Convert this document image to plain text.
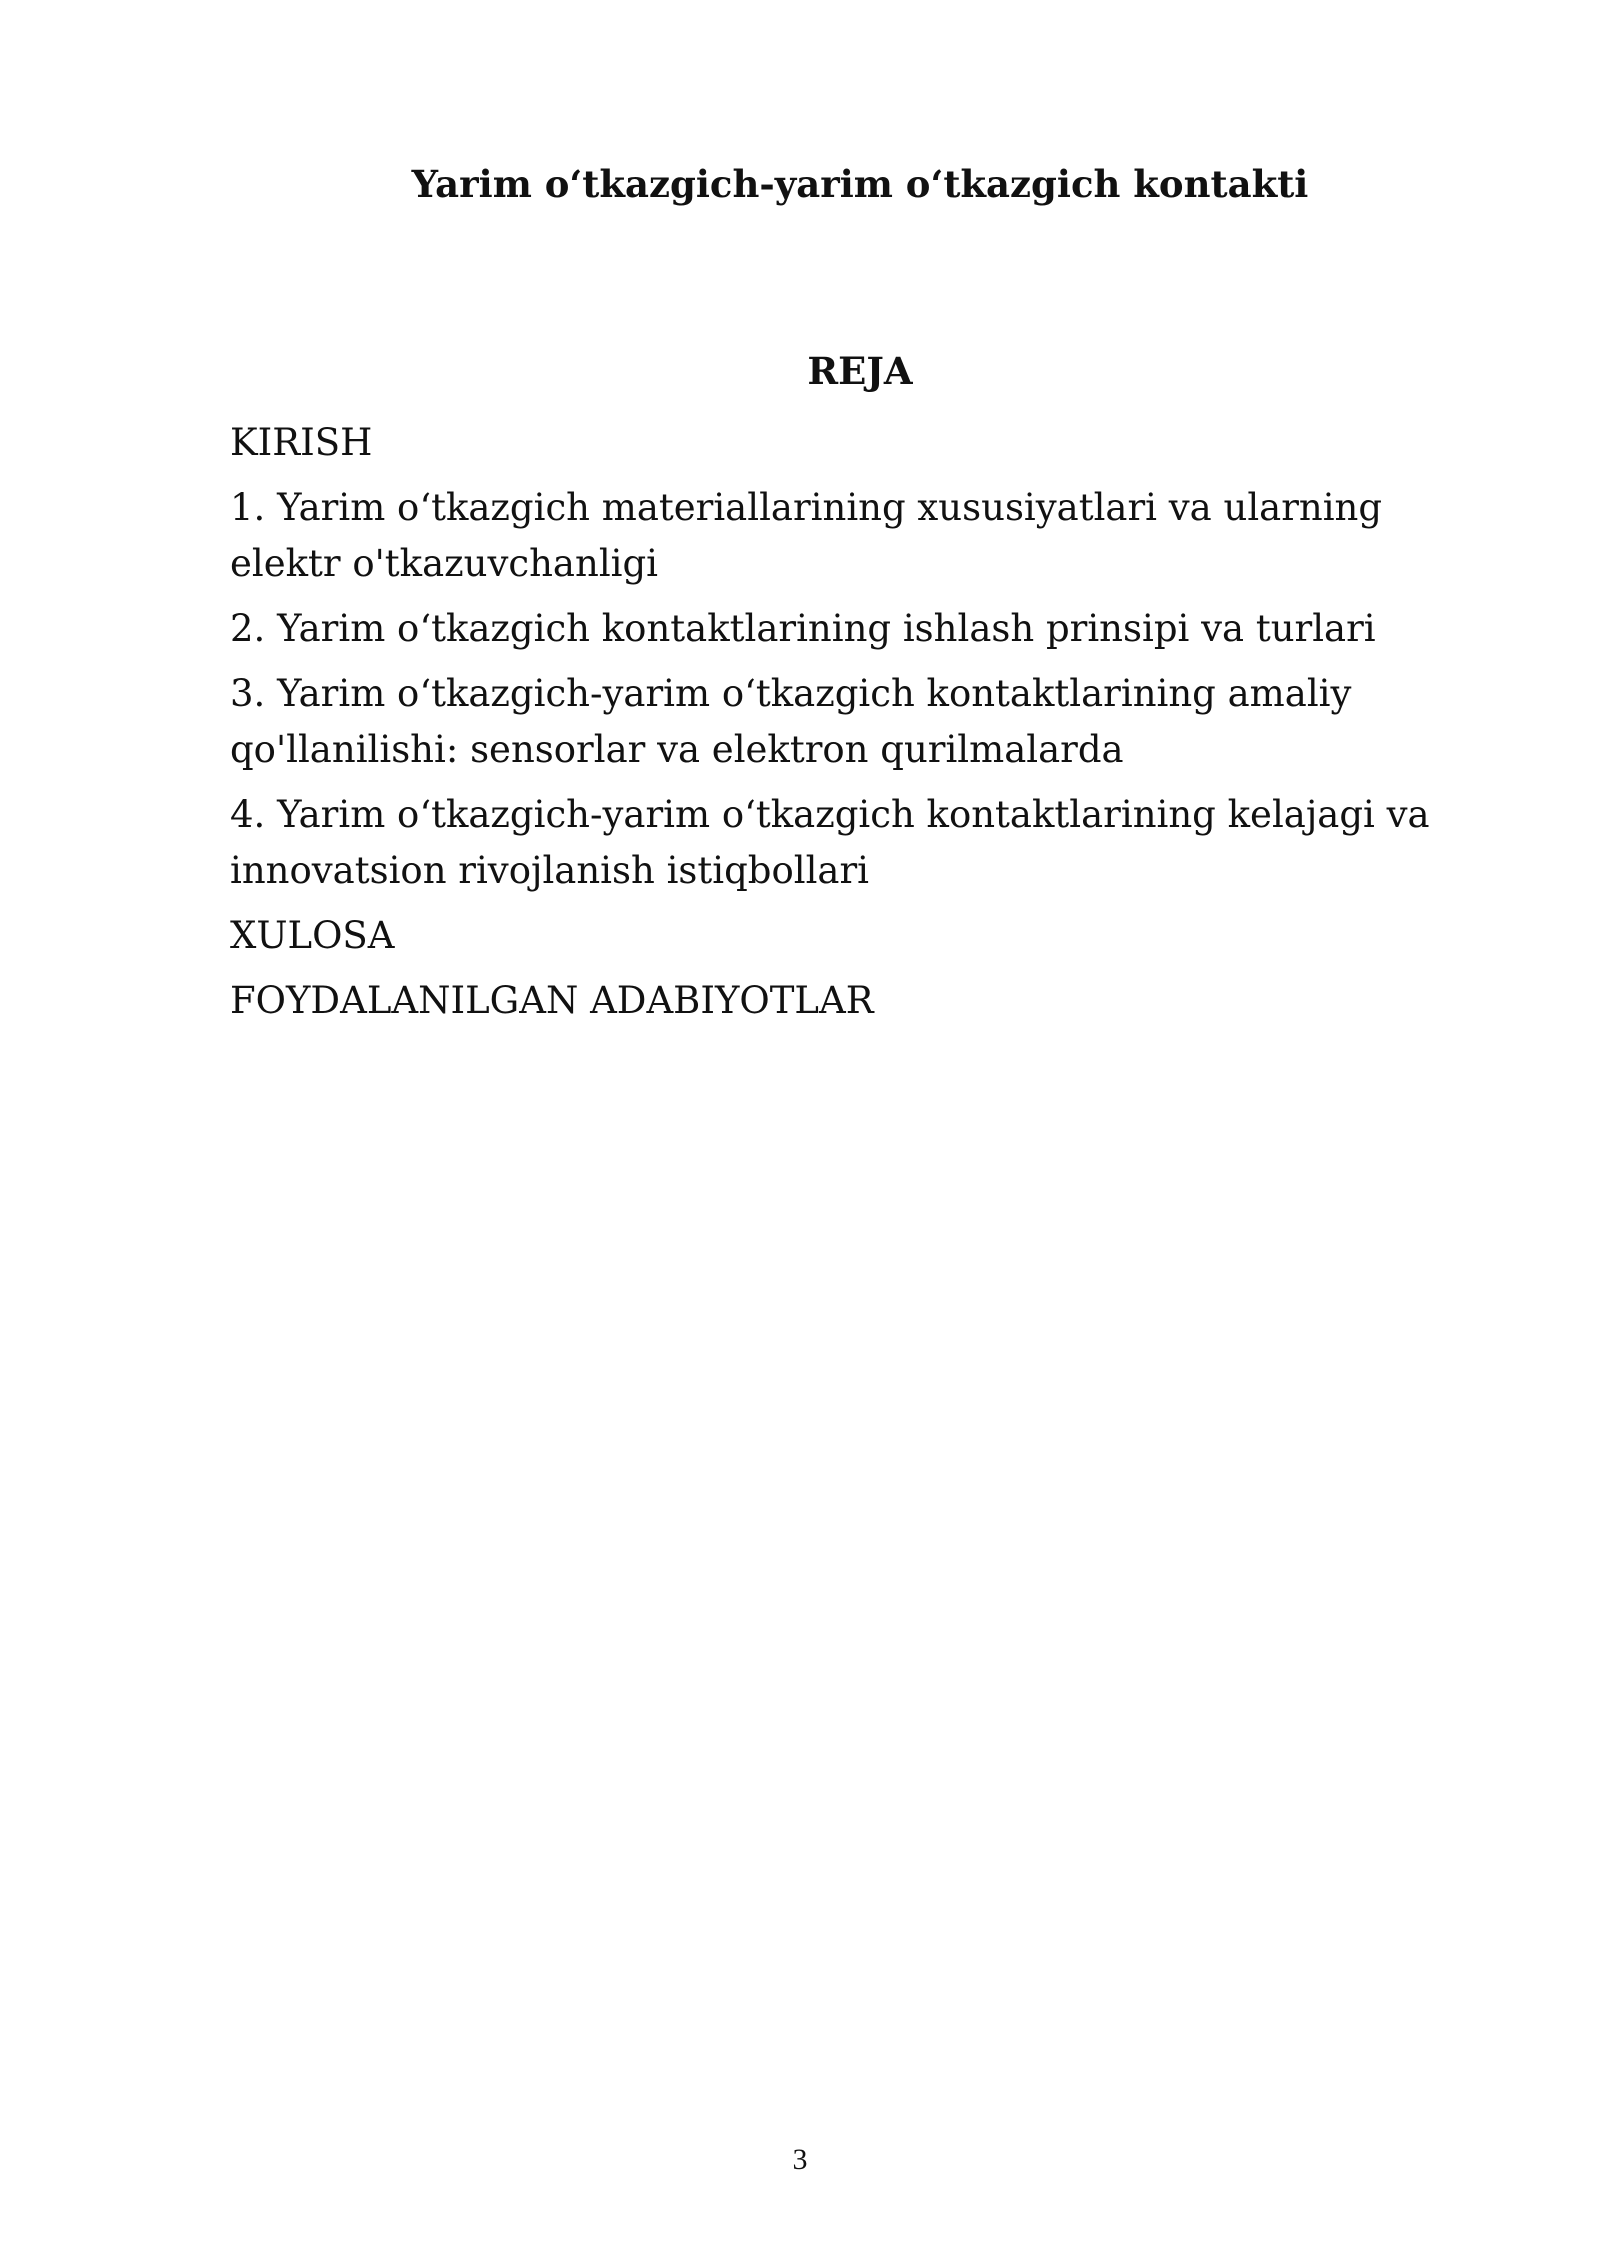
Yarim oʻtkazgich-yarim oʻtkazgich kontakti
REJA
KIRISH
1. Yarim oʻtkazgich materiallarining xususiyatlari va ularning elektr o'tkazuvchanligi
2. Yarim oʻtkazgich kontaktlarining ishlash prinsipi va turlari
3. Yarim oʻtkazgich-yarim oʻtkazgich kontaktlarining amaliy qo'llanilishi: sensorlar va elektron qurilmalarda
4. Yarim oʻtkazgich-yarim oʻtkazgich kontaktlarining kelajagi va innovatsion rivojlanish istiqbollari
XULOSA
FOYDALANILGAN ADABIYOTLAR
3
